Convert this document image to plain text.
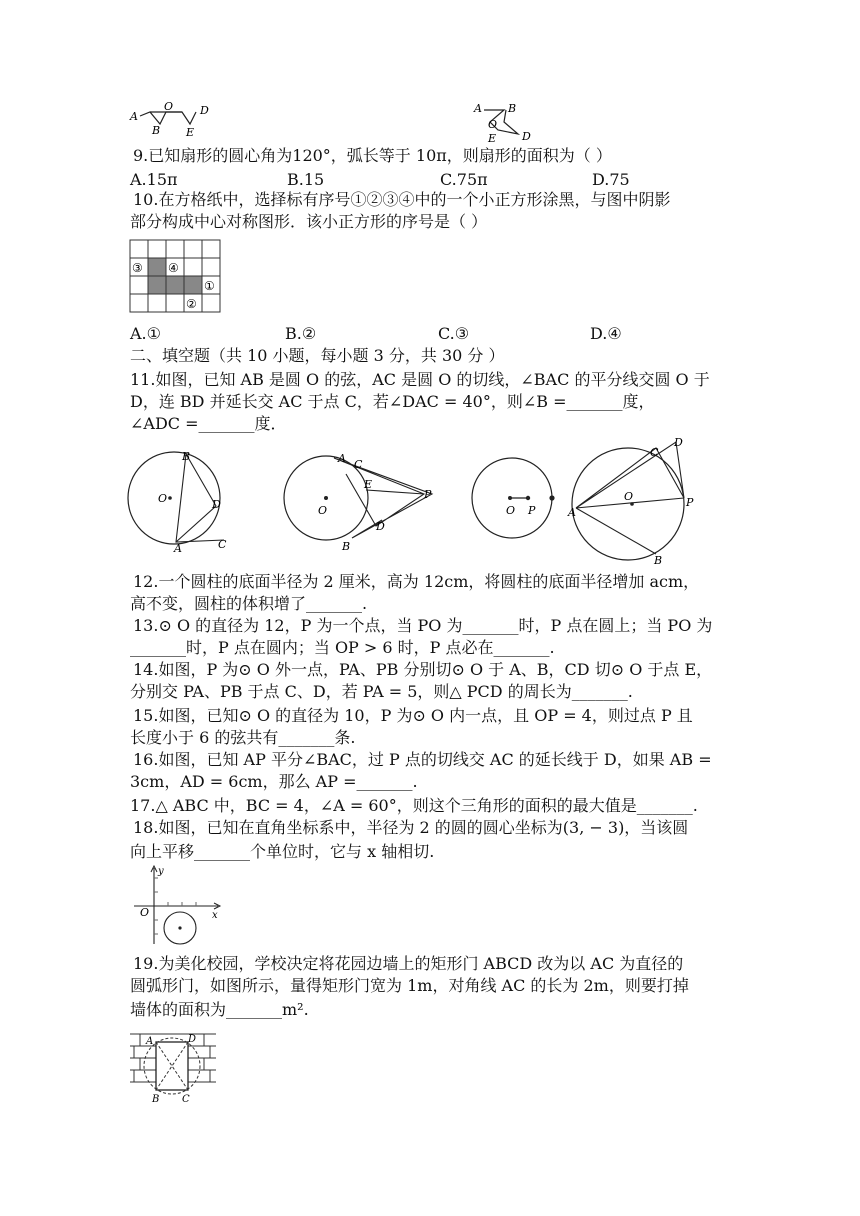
A
O D
B E
A B
O
E D
9.已知扇形的圆心角为120°，弧长等于 10π，则扇形的面积为（ ）
A.15π	B.15	C.75π	D.75
10.在方格纸中，选择标有序号①②③④中的一个小正方形涂黑，与图中阴影
部分构成中心对称图形．该小正方形的序号是（ ）
③ ④
①
②
A.①	B.②	C.③	D.④
二、填空题（共 10 小题，每小题 3 分，共 30 分 ）
11.如图，已知 AB 是圆 O 的弦，AC 是圆 O 的切线，∠BAC 的平分线交圆 O 于
D，连 BD 并延长交 AC 于点 C，若∠DAC = 40°，则∠B =_______度，
∠ADC =_______度．
B
O	D
A	C
A C
E
P
O
D
B
O P
D
C
A
O	P
B
12.一个圆柱的底面半径为 2 厘米，高为 12cm，将圆柱的底面半径增加 acm，
高不变，圆柱的体积增了_______.
13.⊙ O 的直径为 12，P 为一个点，当 PO 为_______时，P 点在圆上；当 PO 为
_______时，P 点在圆内；当 OP > 6 时，P 点必在_______.
14.如图，P 为⊙ O 外一点，PA、PB 分别切⊙ O 于 A、B，CD 切⊙ O 于点 E，
分别交 PA、PB 于点 C、D，若 PA = 5，则△ PCD 的周长为_______.
15.如图，已知⊙ O 的直径为 10，P 为⊙ O 内一点，且 OP = 4，则过点 P 且
长度小于 6 的弦共有_______条.
16.如图，已知 AP 平分∠BAC，过 P 点的切线交 AC 的延长线于 D，如果 AB =
3cm，AD = 6cm，那么 AP =_______.
17.△ ABC 中，BC = 4，∠A = 60°，则这个三角形的面积的最大值是_______.
18.如图，已知在直角坐标系中，半径为 2 的圆的圆心坐标为(3, − 3)，当该圆
向上平移_______个单位时，它与 x 轴相切.
y
O	x
19.为美化校园，学校决定将花园边墙上的矩形门 ABCD 改为以 AC 为直径的
圆弧形门，如图所示，量得矩形门宽为 1m，对角线 AC 的长为 2m，则要打掉
墙体的面积为_______m².
A	D
B C
